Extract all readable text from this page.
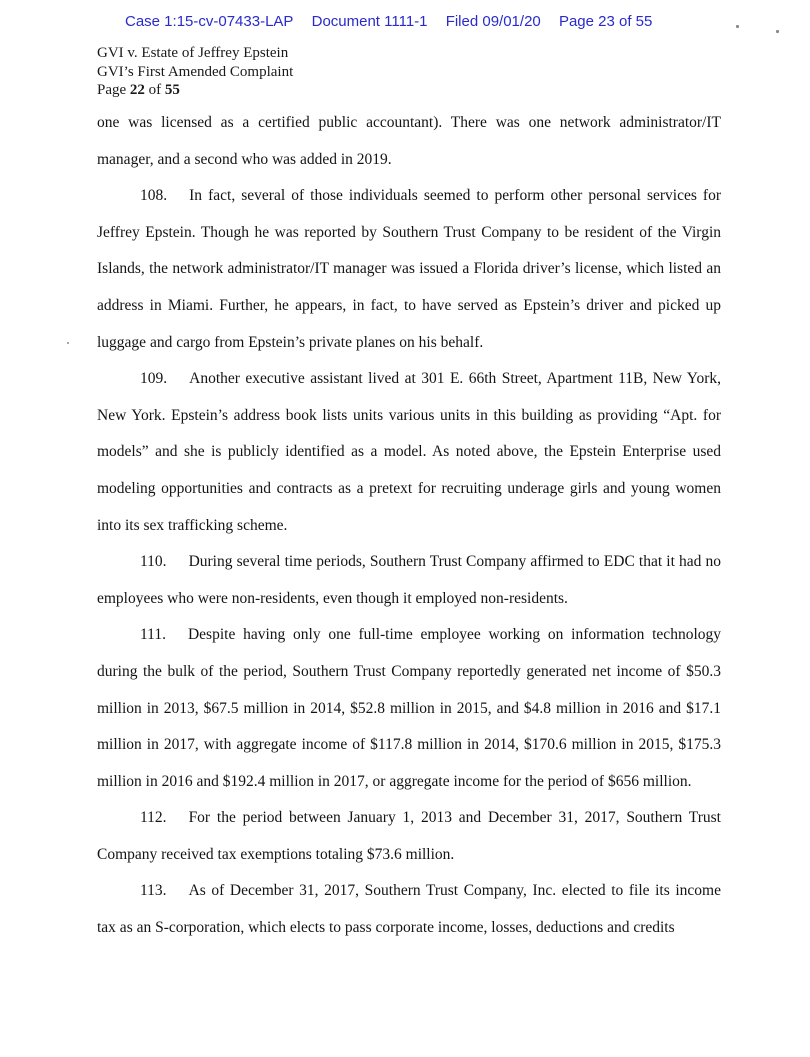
Case 1:15-cv-07433-LAP Document 1111-1 Filed 09/01/20 Page 23 of 55
GVI v. Estate of Jeffrey Epstein
GVI’s First Amended Complaint
Page 22 of 55

one was licensed as a certified public accountant). There was one network administrator/IT manager, and a second who was added in 2019.

108. In fact, several of those individuals seemed to perform other personal services for Jeffrey Epstein. Though he was reported by Southern Trust Company to be resident of the Virgin Islands, the network administrator/IT manager was issued a Florida driver’s license, which listed an address in Miami. Further, he appears, in fact, to have served as Epstein’s driver and picked up luggage and cargo from Epstein’s private planes on his behalf.

109. Another executive assistant lived at 301 E. 66th Street, Apartment 11B, New York, New York. Epstein’s address book lists units various units in this building as providing “Apt. for models” and she is publicly identified as a model. As noted above, the Epstein Enterprise used modeling opportunities and contracts as a pretext for recruiting underage girls and young women into its sex trafficking scheme.

110. During several time periods, Southern Trust Company affirmed to EDC that it had no employees who were non-residents, even though it employed non-residents.

111. Despite having only one full-time employee working on information technology during the bulk of the period, Southern Trust Company reportedly generated net income of $50.3 million in 2013, $67.5 million in 2014, $52.8 million in 2015, and $4.8 million in 2016 and $17.1 million in 2017, with aggregate income of $117.8 million in 2014, $170.6 million in 2015, $175.3 million in 2016 and $192.4 million in 2017, or aggregate income for the period of $656 million.

112. For the period between January 1, 2013 and December 31, 2017, Southern Trust Company received tax exemptions totaling $73.6 million.

113. As of December 31, 2017, Southern Trust Company, Inc. elected to file its income tax as an S-corporation, which elects to pass corporate income, losses, deductions and credits
